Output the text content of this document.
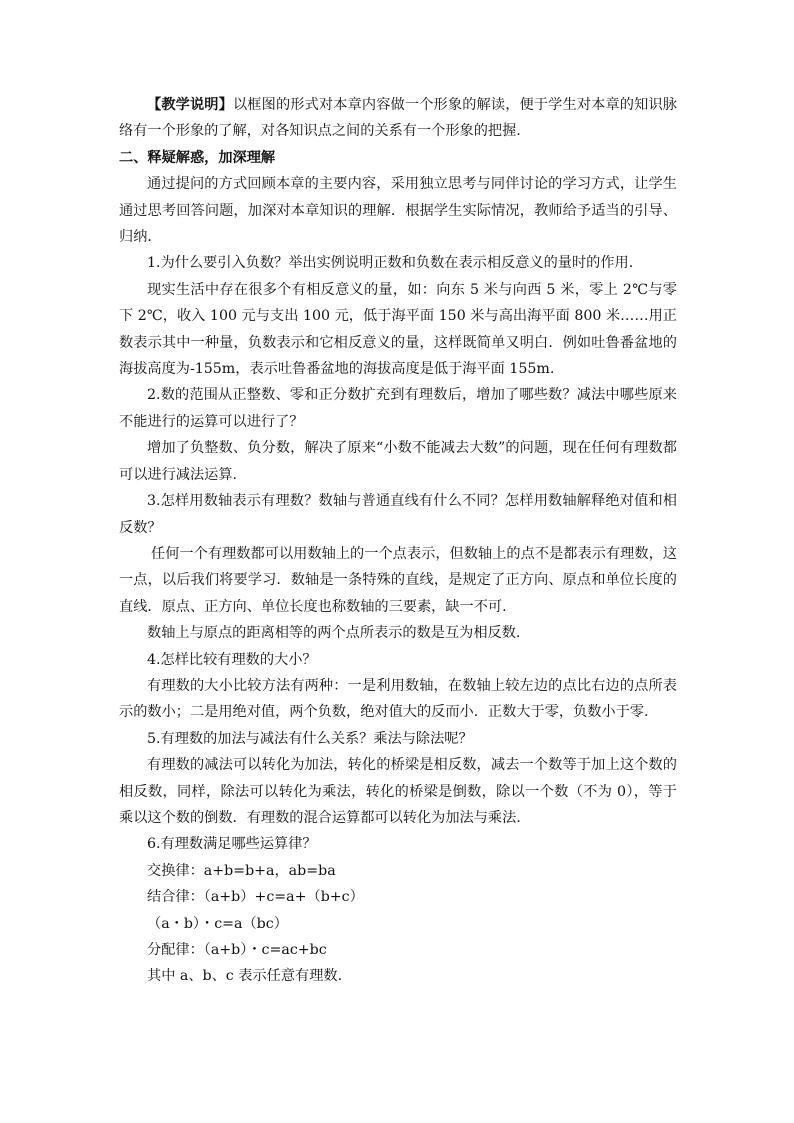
【教学说明】以框图的形式对本章内容做一个形象的解读，便于学生对本章的知识脉络有一个形象的了解，对各知识点之间的关系有一个形象的把握.

二、释疑解惑，加深理解

通过提问的方式回顾本章的主要内容，采用独立思考与同伴讨论的学习方式，让学生通过思考回答问题，加深对本章知识的理解．根据学生实际情况，教师给予适当的引导、归纳．

1.为什么要引入负数？举出实例说明正数和负数在表示相反意义的量时的作用.

现实生活中存在很多个有相反意义的量，如：向东 5 米与向西 5 米，零上 2℃与零下 2℃，收入 100 元与支出 100 元，低于海平面 150 米与高出海平面 800 米……用正数表示其中一种量，负数表示和它相反意义的量，这样既简单又明白．例如吐鲁番盆地的海拔高度为-155m，表示吐鲁番盆地的海拔高度是低于海平面 155m.

2.数的范围从正整数、零和正分数扩充到有理数后，增加了哪些数？减法中哪些原来不能进行的运算可以进行了？

增加了负整数、负分数，解决了原来“小数不能减去大数”的问题，现在任何有理数都可以进行减法运算.

3.怎样用数轴表示有理数？数轴与普通直线有什么不同？怎样用数轴解释绝对值和相反数？

任何一个有理数都可以用数轴上的一个点表示，但数轴上的点不是都表示有理数，这一点，以后我们将要学习．数轴是一条特殊的直线，是规定了正方向、原点和单位长度的直线．原点、正方向、单位长度也称数轴的三要素，缺一不可.

数轴上与原点的距离相等的两个点所表示的数是互为相反数.

4.怎样比较有理数的大小？

有理数的大小比较方法有两种：一是利用数轴，在数轴上较左边的点比右边的点所表示的数小；二是用绝对值，两个负数，绝对值大的反而小．正数大于零，负数小于零.

5.有理数的加法与减法有什么关系？乘法与除法呢？

有理数的减法可以转化为加法，转化的桥梁是相反数，减去一个数等于加上这个数的相反数，同样，除法可以转化为乘法，转化的桥梁是倒数，除以一个数（不为 0），等于乘以这个数的倒数．有理数的混合运算都可以转化为加法与乘法.

6.有理数满足哪些运算律？

交换律：a+b=b+a，ab=ba

结合律：（a+b）+c=a+（b+c）

（a・b）・c=a（bc）

分配律：（a+b）・c=ac+bc

其中 a、b、c 表示任意有理数.
